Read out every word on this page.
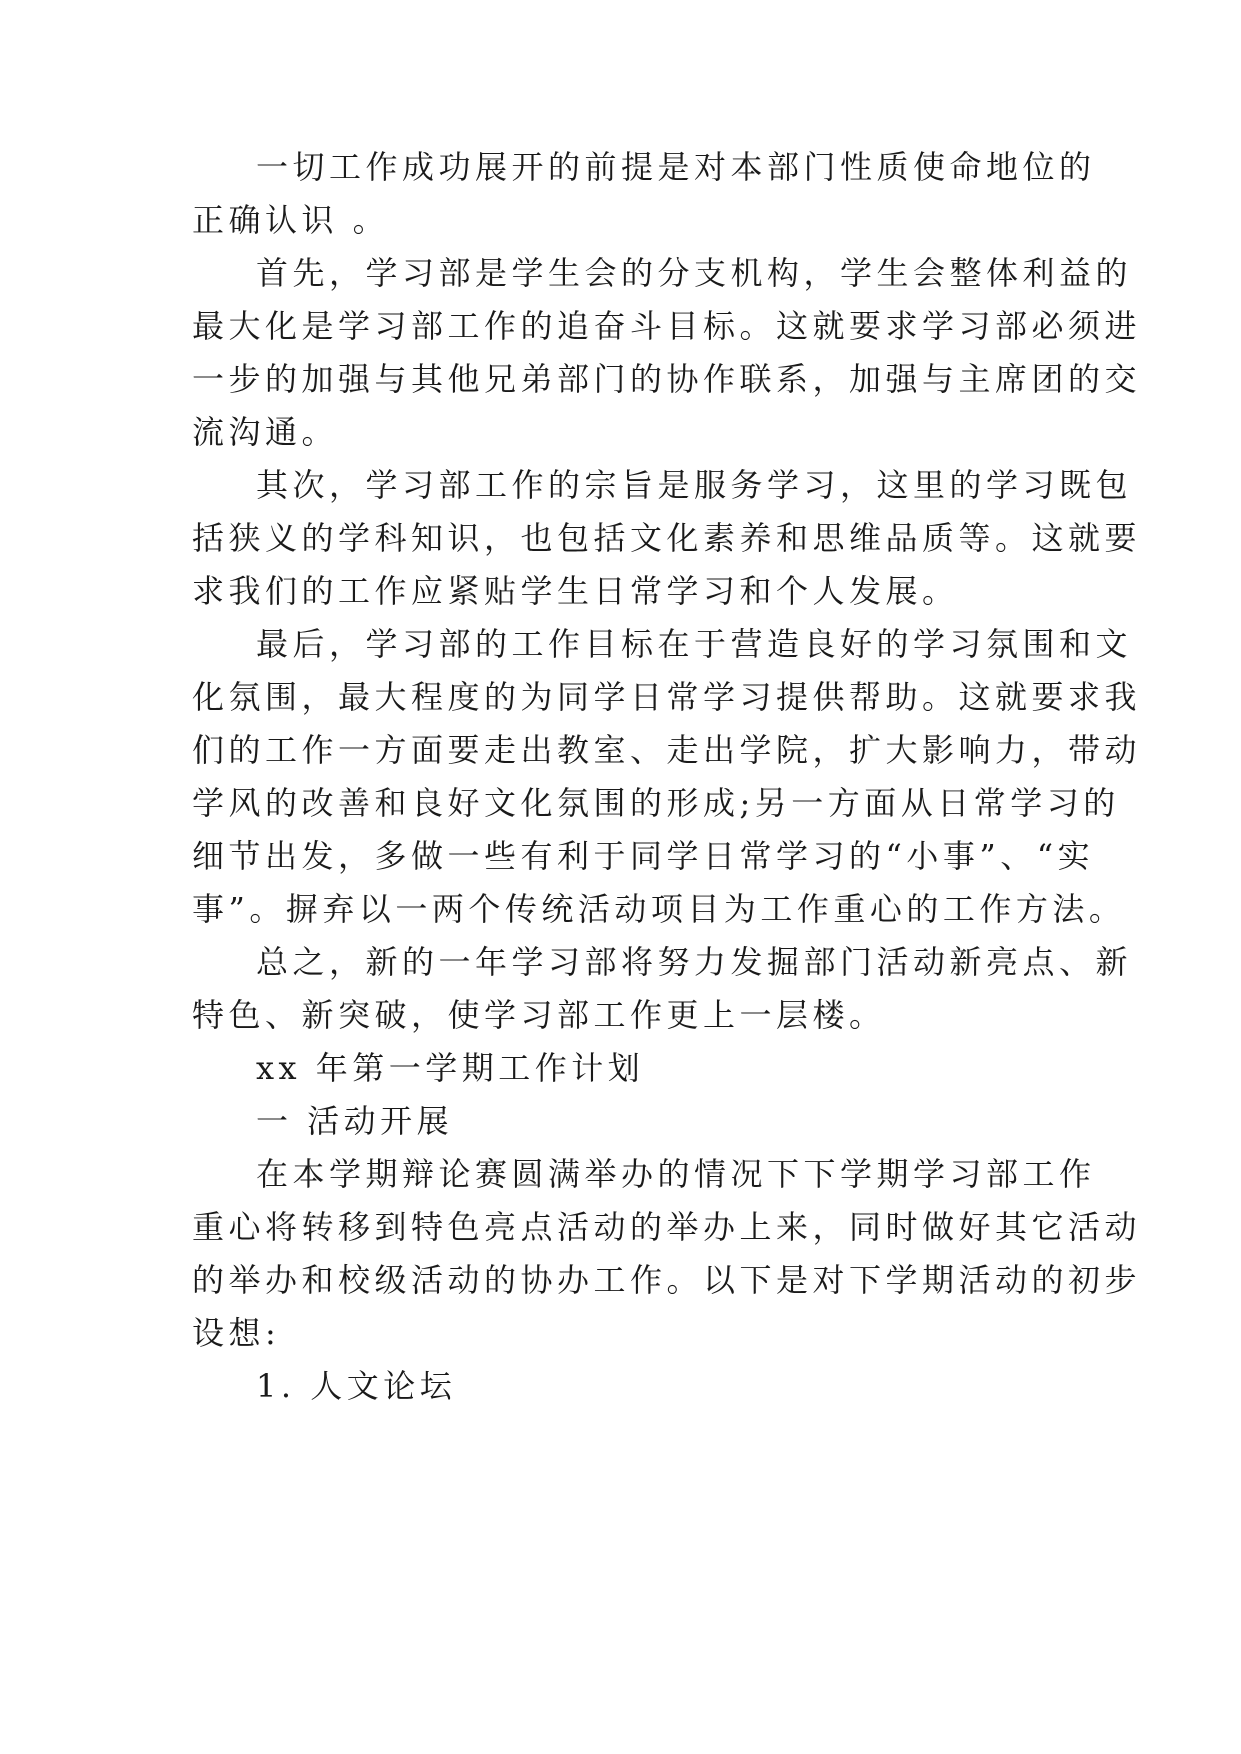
一切工作成功展开的前提是对本部门性质使命地位的
正确认识 。
首先，学习部是学生会的分支机构，学生会整体利益的
最大化是学习部工作的追奋斗目标。这就要求学习部必须进
一步的加强与其他兄弟部门的协作联系，加强与主席团的交
流沟通。
其次，学习部工作的宗旨是服务学习，这里的学习既包
括狭义的学科知识，也包括文化素养和思维品质等。这就要
求我们的工作应紧贴学生日常学习和个人发展。
最后，学习部的工作目标在于营造良好的学习氛围和文
化氛围，最大程度的为同学日常学习提供帮助。这就要求我
们的工作一方面要走出教室、走出学院，扩大影响力，带动
学风的改善和良好文化氛围的形成;另一方面从日常学习的
细节出发，多做一些有利于同学日常学习的“小事”、“实
事”。摒弃以一两个传统活动项目为工作重心的工作方法。
总之，新的一年学习部将努力发掘部门活动新亮点、新
特色、新突破，使学习部工作更上一层楼。
xx 年第一学期工作计划
一 活动开展
在本学期辩论赛圆满举办的情况下下学期学习部工作
重心将转移到特色亮点活动的举办上来，同时做好其它活动
的举办和校级活动的协办工作。以下是对下学期活动的初步
设想:
1. 人文论坛
